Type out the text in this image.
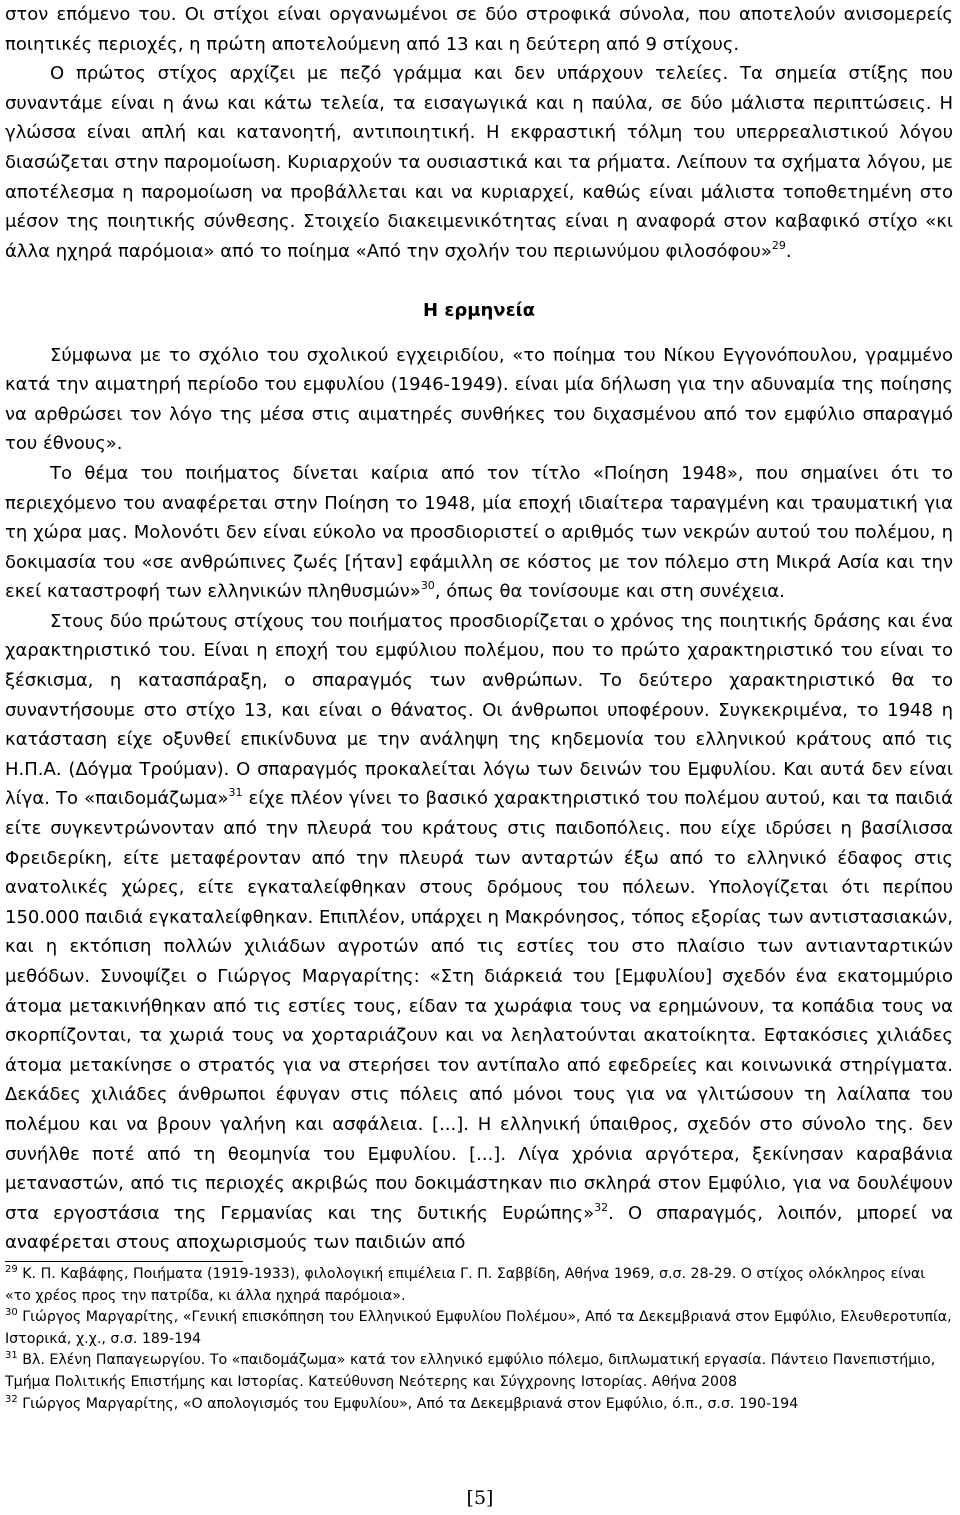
στον επόμενο του. Οι στίχοι είναι οργανωμένοι σε δύο στροφικά σύνολα, που αποτελούν ανισομερείς ποιητικές περιοχές, η πρώτη αποτελούμενη από 13 και η δεύτερη από 9 στίχους.

Ο πρώτος στίχος αρχίζει με πεζό γράμμα και δεν υπάρχουν τελείες. Τα σημεία στίξης που συναντάμε είναι η άνω και κάτω τελεία, τα εισαγωγικά και η παύλα, σε δύο μάλιστα περιπτώσεις. Η γλώσσα είναι απλή και κατανοητή, αντιποιητική. Η εκφραστική τόλμη του υπερρεαλιστικού λόγου διασώζεται στην παρομοίωση. Κυριαρχούν τα ουσιαστικά και τα ρήματα. Λείπουν τα σχήματα λόγου, με αποτέλεσμα η παρομοίωση να προβάλλεται και να κυριαρχεί, καθώς είναι μάλιστα τοποθετημένη στο μέσον της ποιητικής σύνθεσης. Στοιχείο διακειμενικότητας είναι η αναφορά στον καβαφικό στίχο «κι άλλα ηχηρά παρόμοια» από το ποίημα «Από την σχολήν του περιωνύμου φιλοσόφου»$^{29}$.

Η ερμηνεία

Σύμφωνα με το σχόλιο του σχολικού εγχειριδίου, «το ποίημα του Νίκου Εγγονόπουλου, γραμμένο κατά την αιματηρή περίοδο του εμφυλίου (1946-1949). είναι μία δήλωση για την αδυναμία της ποίησης να αρθρώσει τον λόγο της μέσα στις αιματηρές συνθήκες του διχασμένου από τον εμφύλιο σπαραγμό του έθνους».

Το θέμα του ποιήματος δίνεται καίρια από τον τίτλο «Ποίηση 1948», που σημαίνει ότι το περιεχόμενο του αναφέρεται στην Ποίηση το 1948, μία εποχή ιδιαίτερα ταραγμένη και τραυματική για τη χώρα μας. Μολονότι δεν είναι εύκολο να προσδιοριστεί ο αριθμός των νεκρών αυτού του πολέμου, η δοκιμασία του «σε ανθρώπινες ζωές [ήταν] εφάμιλλη σε κόστος με τον πόλεμο στη Μικρά Ασία και την εκεί καταστροφή των ελληνικών πληθυσμών»$^{30}$, όπως θα τονίσουμε και στη συνέχεια.

Στους δύο πρώτους στίχους του ποιήματος προσδιορίζεται ο χρόνος της ποιητικής δράσης και ένα χαρακτηριστικό του. Είναι η εποχή του εμφύλιου πολέμου, που το πρώτο χαρακτηριστικό του είναι το ξέσκισμα, η κατασπάραξη, ο σπαραγμός των ανθρώπων. Το δεύτερο χαρακτηριστικό θα το συναντήσουμε στο στίχο 13, και είναι ο θάνατος. Οι άνθρωποι υποφέρουν. Συγκεκριμένα, το 1948 η κατάσταση είχε οξυνθεί επικίνδυνα με την ανάληψη της κηδεμονία του ελληνικού κράτους από τις Η.Π.Α. (Δόγμα Τρούμαν). Ο σπαραγμός προκαλείται λόγω των δεινών του Εμφυλίου. Και αυτά δεν είναι λίγα. Το «παιδομάζωμα»$^{31}$ είχε πλέον γίνει το βασικό χαρακτηριστικό του πολέμου αυτού, και τα παιδιά είτε συγκεντρώνονταν από την πλευρά του κράτους στις παιδοπόλεις. που είχε ιδρύσει η βασίλισσα Φρειδερίκη, είτε μεταφέρονταν από την πλευρά των ανταρτών έξω από το ελληνικό έδαφος στις ανατολικές χώρες, είτε εγκαταλείφθηκαν στους δρόμους του πόλεων. Υπολογίζεται ότι περίπου 150.000 παιδιά εγκαταλείφθηκαν. Επιπλέον, υπάρχει η Μακρόνησος, τόπος εξορίας των αντιστασιακών, και η εκτόπιση πολλών χιλιάδων αγροτών από τις εστίες του στο πλαίσιο των αντιανταρτικών μεθόδων. Συνοψίζει ο Γιώργος Μαργαρίτης: «Στη διάρκειά του [Εμφυλίου] σχεδόν ένα εκατομμύριο άτομα μετακινήθηκαν από τις εστίες τους, είδαν τα χωράφια τους να ερημώνουν, τα κοπάδια τους να σκορπίζονται, τα χωριά τους να χορταριάζουν και να λεηλατούνται ακατοίκητα. Εφτακόσιες χιλιάδες άτομα μετακίνησε ο στρατός για να στερήσει τον αντίπαλο από εφεδρείες και κοινωνικά στηρίγματα. Δεκάδες χιλιάδες άνθρωποι έφυγαν στις πόλεις από μόνοι τους για να γλιτώσουν τη λαίλαπα του πολέμου και να βρουν γαλήνη και ασφάλεια. [...]. Η ελληνική ύπαιθρος, σχεδόν στο σύνολο της. δεν συνήλθε ποτέ από τη θεομηνία του Εμφυλίου. [...]. Λίγα χρόνια αργότερα, ξεκίνησαν καραβάνια μεταναστών, από τις περιοχές ακριβώς που δοκιμάστηκαν πιο σκληρά στον Εμφύλιο, για να δουλέψουν στα εργοστάσια της Γερμανίας και της δυτικής Ευρώπης»$^{32}$. Ο σπαραγμός, λοιπόν, μπορεί να αναφέρεται στους αποχωρισμούς των παιδιών από

$^{29}$ Κ. Π. Καβάφης, Ποιήματα (1919-1933), φιλολογική επιμέλεια Γ. Π. Σαββίδη, Αθήνα 1969, σ.σ. 28-29. Ο στίχος ολόκληρος είναι «το χρέος προς την πατρίδα, κι άλλα ηχηρά παρόμοια».

$^{30}$ Γιώργος Μαργαρίτης, «Γενική επισκόπηση του Ελληνικού Εμφυλίου Πολέμου», Από τα Δεκεμβριανά στον Εμφύλιο, Ελευθεροτυπία, Ιστορικά, χ.χ., σ.σ. 189-194

$^{31}$ Βλ. Ελένη Παπαγεωργίου. Το «παιδομάζωμα» κατά τον ελληνικό εμφύλιο πόλεμο, διπλωματική εργασία. Πάντειο Πανεπιστήμιο, Τμήμα Πολιτικής Επιστήμης και Ιστορίας. Κατεύθυνση Νεότερης και Σύγχρονης Ιστορίας. Αθήνα 2008

$^{32}$ Γιώργος Μαργαρίτης, «Ο απολογισμός του Εμφυλίου», Από τα Δεκεμβριανά στον Εμφύλιο, ό.π., σ.σ. 190-194

[5]
